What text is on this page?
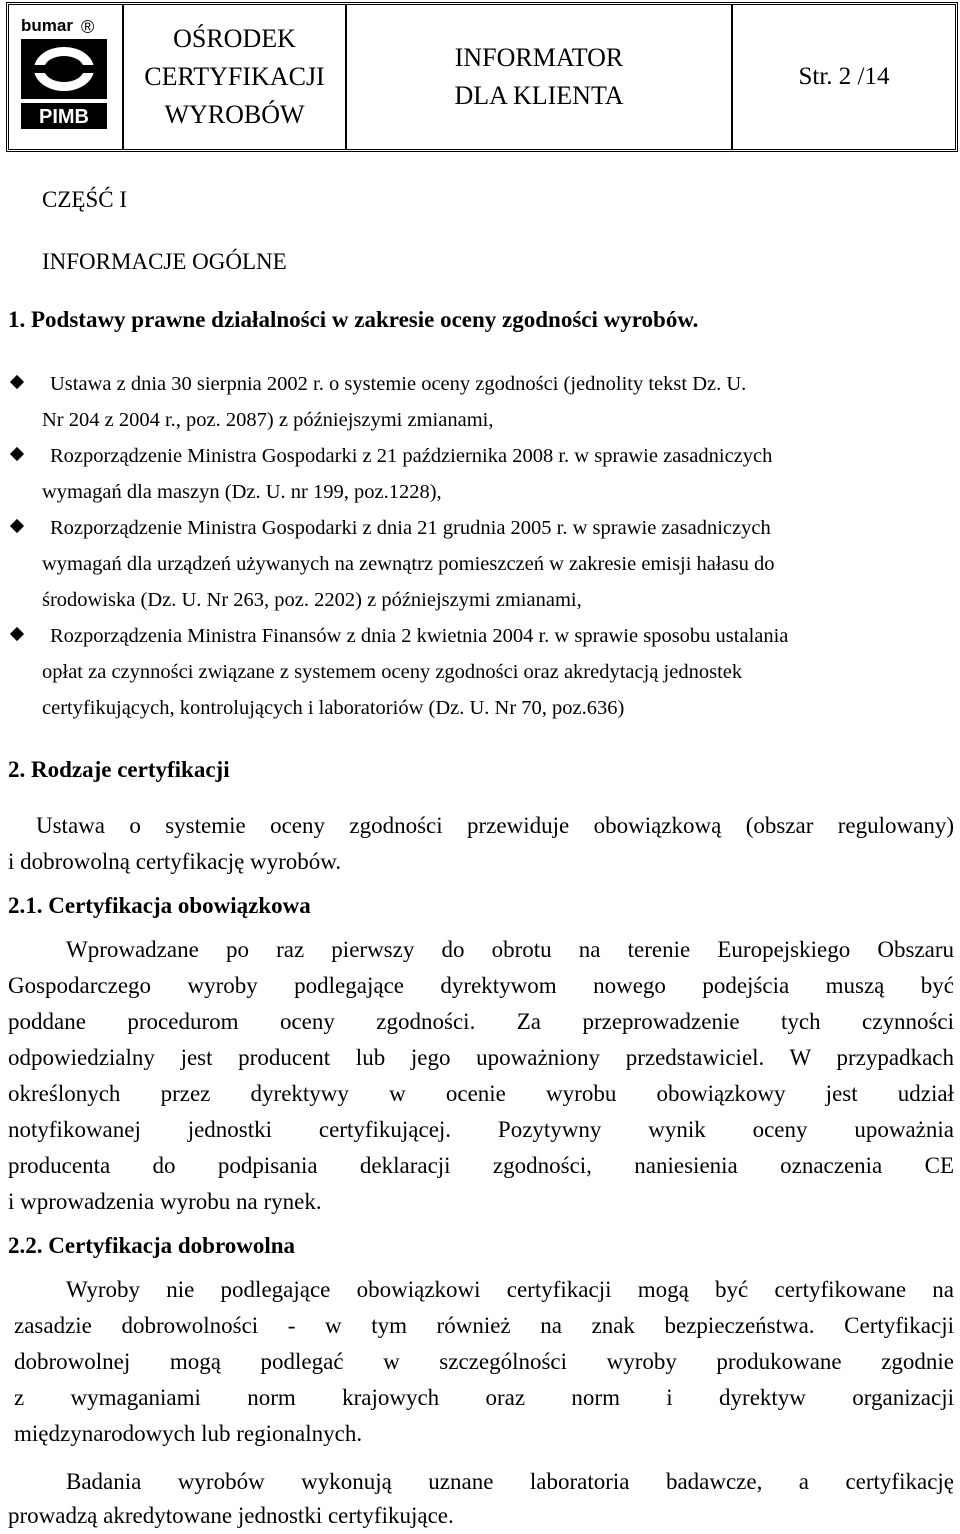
bumar ®
PIMB
OŚRODEK
CERTYFIKACJI
WYROBÓW
INFORMATOR
DLA KLIENTA
Str. 2 /14

CZĘŚĆ I

INFORMACJE OGÓLNE

1. Podstawy prawne działalności w zakresie oceny zgodności wyrobów.

Ustawa z dnia 30 sierpnia 2002 r. o systemie oceny zgodności (jednolity tekst Dz. U.

Nr 204 z 2004 r., poz. 2087) z późniejszymi zmianami,

Rozporządzenie Ministra Gospodarki z 21 października 2008 r. w sprawie zasadniczych

wymagań dla maszyn (Dz. U. nr 199, poz.1228),

Rozporządzenie Ministra Gospodarki z dnia 21 grudnia 2005 r. w sprawie zasadniczych

wymagań dla urządzeń używanych na zewnątrz pomieszczeń w zakresie emisji hałasu do

środowiska (Dz. U. Nr 263, poz. 2202) z późniejszymi zmianami,

Rozporządzenia Ministra Finansów z dnia 2 kwietnia 2004 r. w sprawie sposobu ustalania

opłat za czynności związane z systemem oceny zgodności oraz akredytacją jednostek

certyfikujących, kontrolujących i laboratoriów (Dz. U. Nr 70, poz.636)

2. Rodzaje certyfikacji

Ustawa o systemie oceny zgodności przewiduje obowiązkową (obszar regulowany)

i dobrowolną certyfikację wyrobów.

2.1. Certyfikacja obowiązkowa

Wprowadzane po raz pierwszy do obrotu na terenie Europejskiego Obszaru

Gospodarczego wyroby podlegające dyrektywom nowego podejścia muszą być

poddane procedurom oceny zgodności. Za przeprowadzenie tych czynności

odpowiedzialny jest producent lub jego upoważniony przedstawiciel. W przypadkach

określonych przez dyrektywy w ocenie wyrobu obowiązkowy jest udział

notyfikowanej jednostki certyfikującej. Pozytywny wynik oceny upoważnia

producenta do podpisania deklaracji zgodności, naniesienia oznaczenia CE

i wprowadzenia wyrobu na rynek.

2.2. Certyfikacja dobrowolna

Wyroby nie podlegające obowiązkowi certyfikacji mogą być certyfikowane na

zasadzie dobrowolności - w tym również na znak bezpieczeństwa. Certyfikacji

dobrowolnej mogą podlegać w szczególności wyroby produkowane zgodnie

z wymaganiami norm krajowych oraz norm i dyrektyw organizacji

międzynarodowych lub regionalnych.

Badania wyrobów wykonują uznane laboratoria badawcze, a certyfikację

prowadzą akredytowane jednostki certyfikujące.
